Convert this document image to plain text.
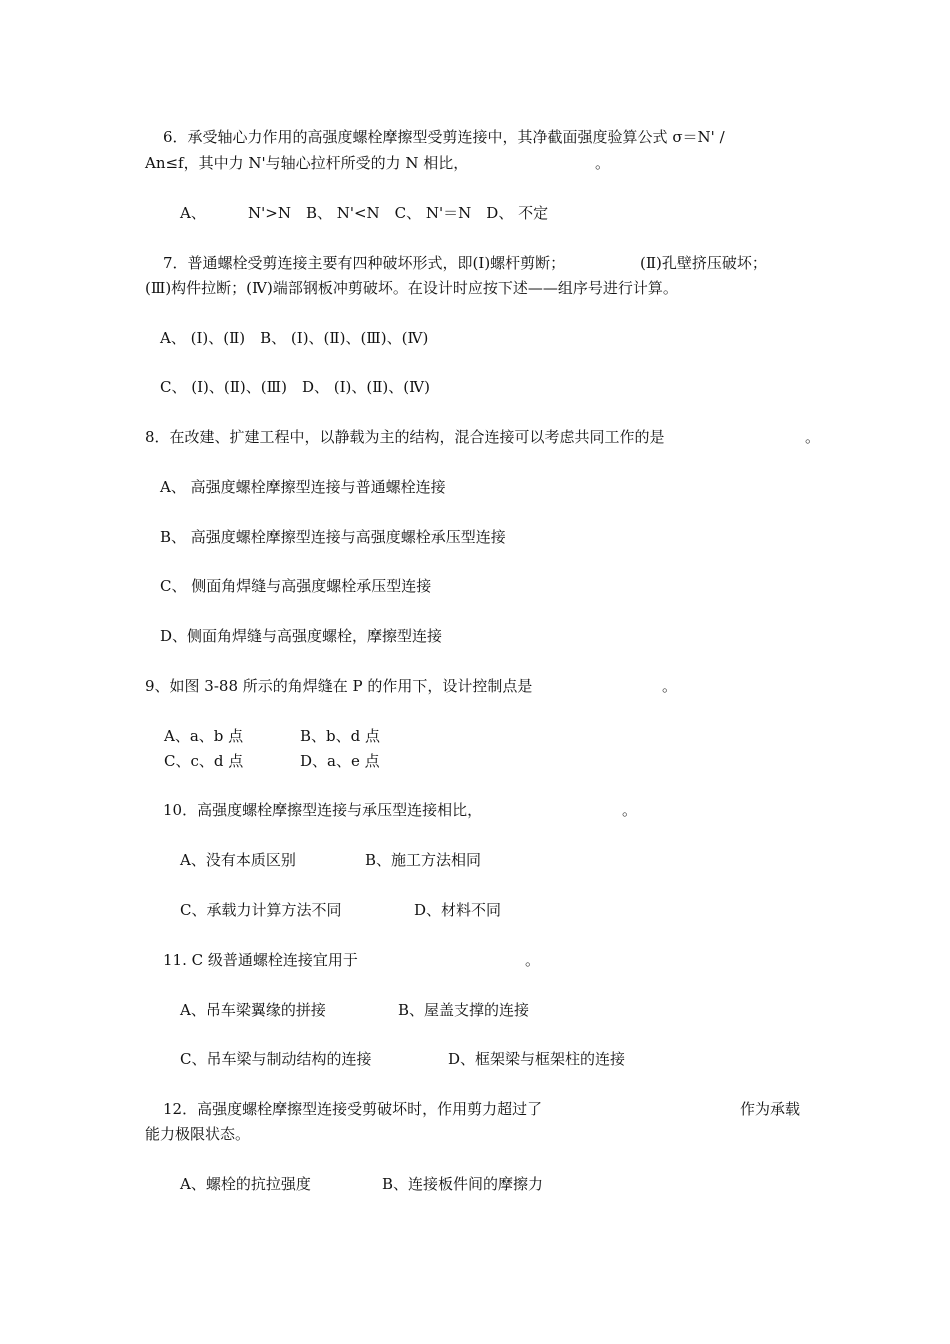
6．承受轴心力作用的高强度螺栓摩擦型受剪连接中，其净截面强度验算公式 σ＝N' /
An≤f，其中力 N'与轴心拉杆所受的力 N 相比，	。
A、	N'>N　B、 N'<N　C、 N'＝N　D、 不定
7．普通螺栓受剪连接主要有四种破坏形式，即(Ⅰ)螺杆剪断；	(Ⅱ)孔壁挤压破坏；
(Ⅲ)构件拉断；(Ⅳ)端部钢板冲剪破坏。在设计时应按下述——组序号进行计算。
A、 (Ⅰ)、(Ⅱ)　B、 (Ⅰ)、(Ⅱ)、(Ⅲ)、(Ⅳ)
C、 (Ⅰ)、(Ⅱ)、(Ⅲ)　D、 (Ⅰ)、(Ⅱ)、(Ⅳ)
8．在改建、扩建工程中，以静载为主的结构，混合连接可以考虑共同工作的是	。
A、 高强度螺栓摩擦型连接与普通螺栓连接
B、 高强度螺栓摩擦型连接与高强度螺栓承压型连接
C、 侧面角焊缝与高强度螺栓承压型连接
D、侧面角焊缝与高强度螺栓，摩擦型连接
9、如图 3-88 所示的角焊缝在 P 的作用下，设计控制点是	。
A、a、b 点	B、b、d 点
C、c、d 点	D、a、e 点
10．高强度螺栓摩擦型连接与承压型连接相比，	。
A、没有本质区别	B、施工方法相同
C、承载力计算方法不同	D、材料不同
11. C 级普通螺栓连接宜用于	。
A、吊车梁翼缘的拼接	B、屋盖支撑的连接
C、吊车梁与制动结构的连接	D、框架梁与框架柱的连接
12．高强度螺栓摩擦型连接受剪破坏时，作用剪力超过了	作为承载
能力极限状态。
A、螺栓的抗拉强度	B、连接板件间的摩擦力
